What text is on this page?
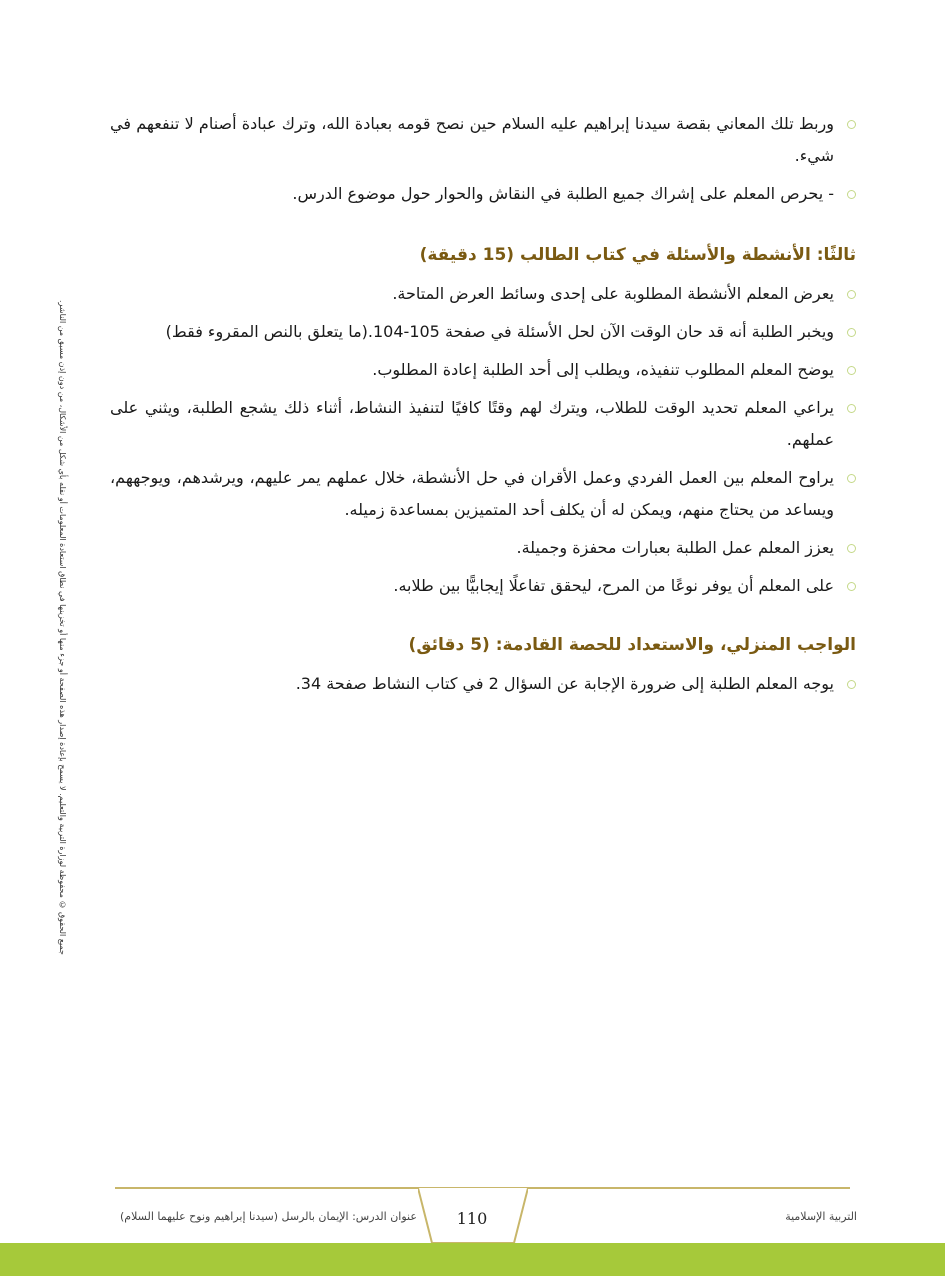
جميع الحقوق © محفوظة لوزارة التربية والتعليم. لا يسمح بإعادة إصدار هذه الصفحة أو جزء منها أو تخزينها في نطاق استعادة المعلومات أو نقله بأي شكل من الأشكال، من دون إذن مسبق من الناشر.
وربط تلك المعاني بقصة سيدنا إبراهيم عليه السلام حين نصح قومه بعبادة الله، وترك عبادة أصنام لا تنفعهم في شيء.
- يحرص المعلم على إشراك جميع الطلبة في النقاش والحوار حول موضوع الدرس.
ثالثًا: الأنشطة والأسئلة في كتاب الطالب (15 دقيقة)
يعرض المعلم الأنشطة المطلوبة على إحدى وسائط العرض المتاحة.
ويخبر الطلبة أنه قد حان الوقت الآن لحل الأسئلة في صفحة 105-104.(ما يتعلق بالنص المقروء فقط)
يوضح المعلم المطلوب تنفيذه، ويطلب إلى أحد الطلبة إعادة المطلوب.
يراعي المعلم تحديد الوقت للطلاب، ويترك لهم وقتًا كافيًا لتنفيذ النشاط، أثناء ذلك يشجع الطلبة، ويثني على عملهم.
يراوح المعلم بين العمل الفردي وعمل الأقران في حل الأنشطة، خلال عملهم يمر عليهم، ويرشدهم، ويوجههم، ويساعد من يحتاج منهم، ويمكن له أن يكلف أحد المتميزين بمساعدة زميله.
يعزز المعلم عمل الطلبة بعبارات محفزة وجميلة.
على المعلم أن يوفر نوعًا من المرح، ليحقق تفاعلًا إيجابيًّا بين طلابه.
الواجب المنزلي، والاستعداد للحصة القادمة: (5 دقائق)
يوجه المعلم الطلبة إلى ضرورة الإجابة عن السؤال 2 في كتاب النشاط صفحة 34.
عنوان الدرس: الإيمان بالرسل (سيدنا إبراهيم ونوح عليهما السلام) 110	التربية الإسلامية
